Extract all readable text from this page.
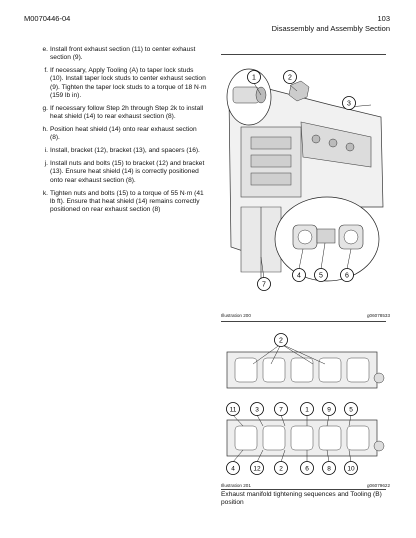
M0070446-04	103
Disassembly and Assembly Section
e. Install front exhaust section (11) to center exhaust section (9).
f. If necessary, Apply Tooling (A) to taper lock studs (10). Install taper lock studs to center exhaust section (9). Tighten the taper lock studs to a torque of 18 N·m (159 lb in).
g. If necessary follow Step 2h through Step 2k to install heat shield (14) to rear exhaust section (8).
h. Position heat shield (14) onto rear exhaust section (8).
i. Install, bracket (12), bracket (13), and spacers (16).
j. Install nuts and bolts (15) to bracket (12) and bracket (13). Ensure heat shield (14) is correctly positioned onto rear exhaust section (8).
k. Tighten nuts and bolts (15) to a torque of 55 N·m (41 lb ft). Ensure that heat shield (14) remains correctly positioned on rear exhaust section (8)
1	2
3
4	5	6
7
Illustration 200	g06078533
2
11	3	7	1	9	5
4	12	2	6	8	10
Illustration 201	g06079622
Exhaust manifold tightening sequences and Tooling (B) position
